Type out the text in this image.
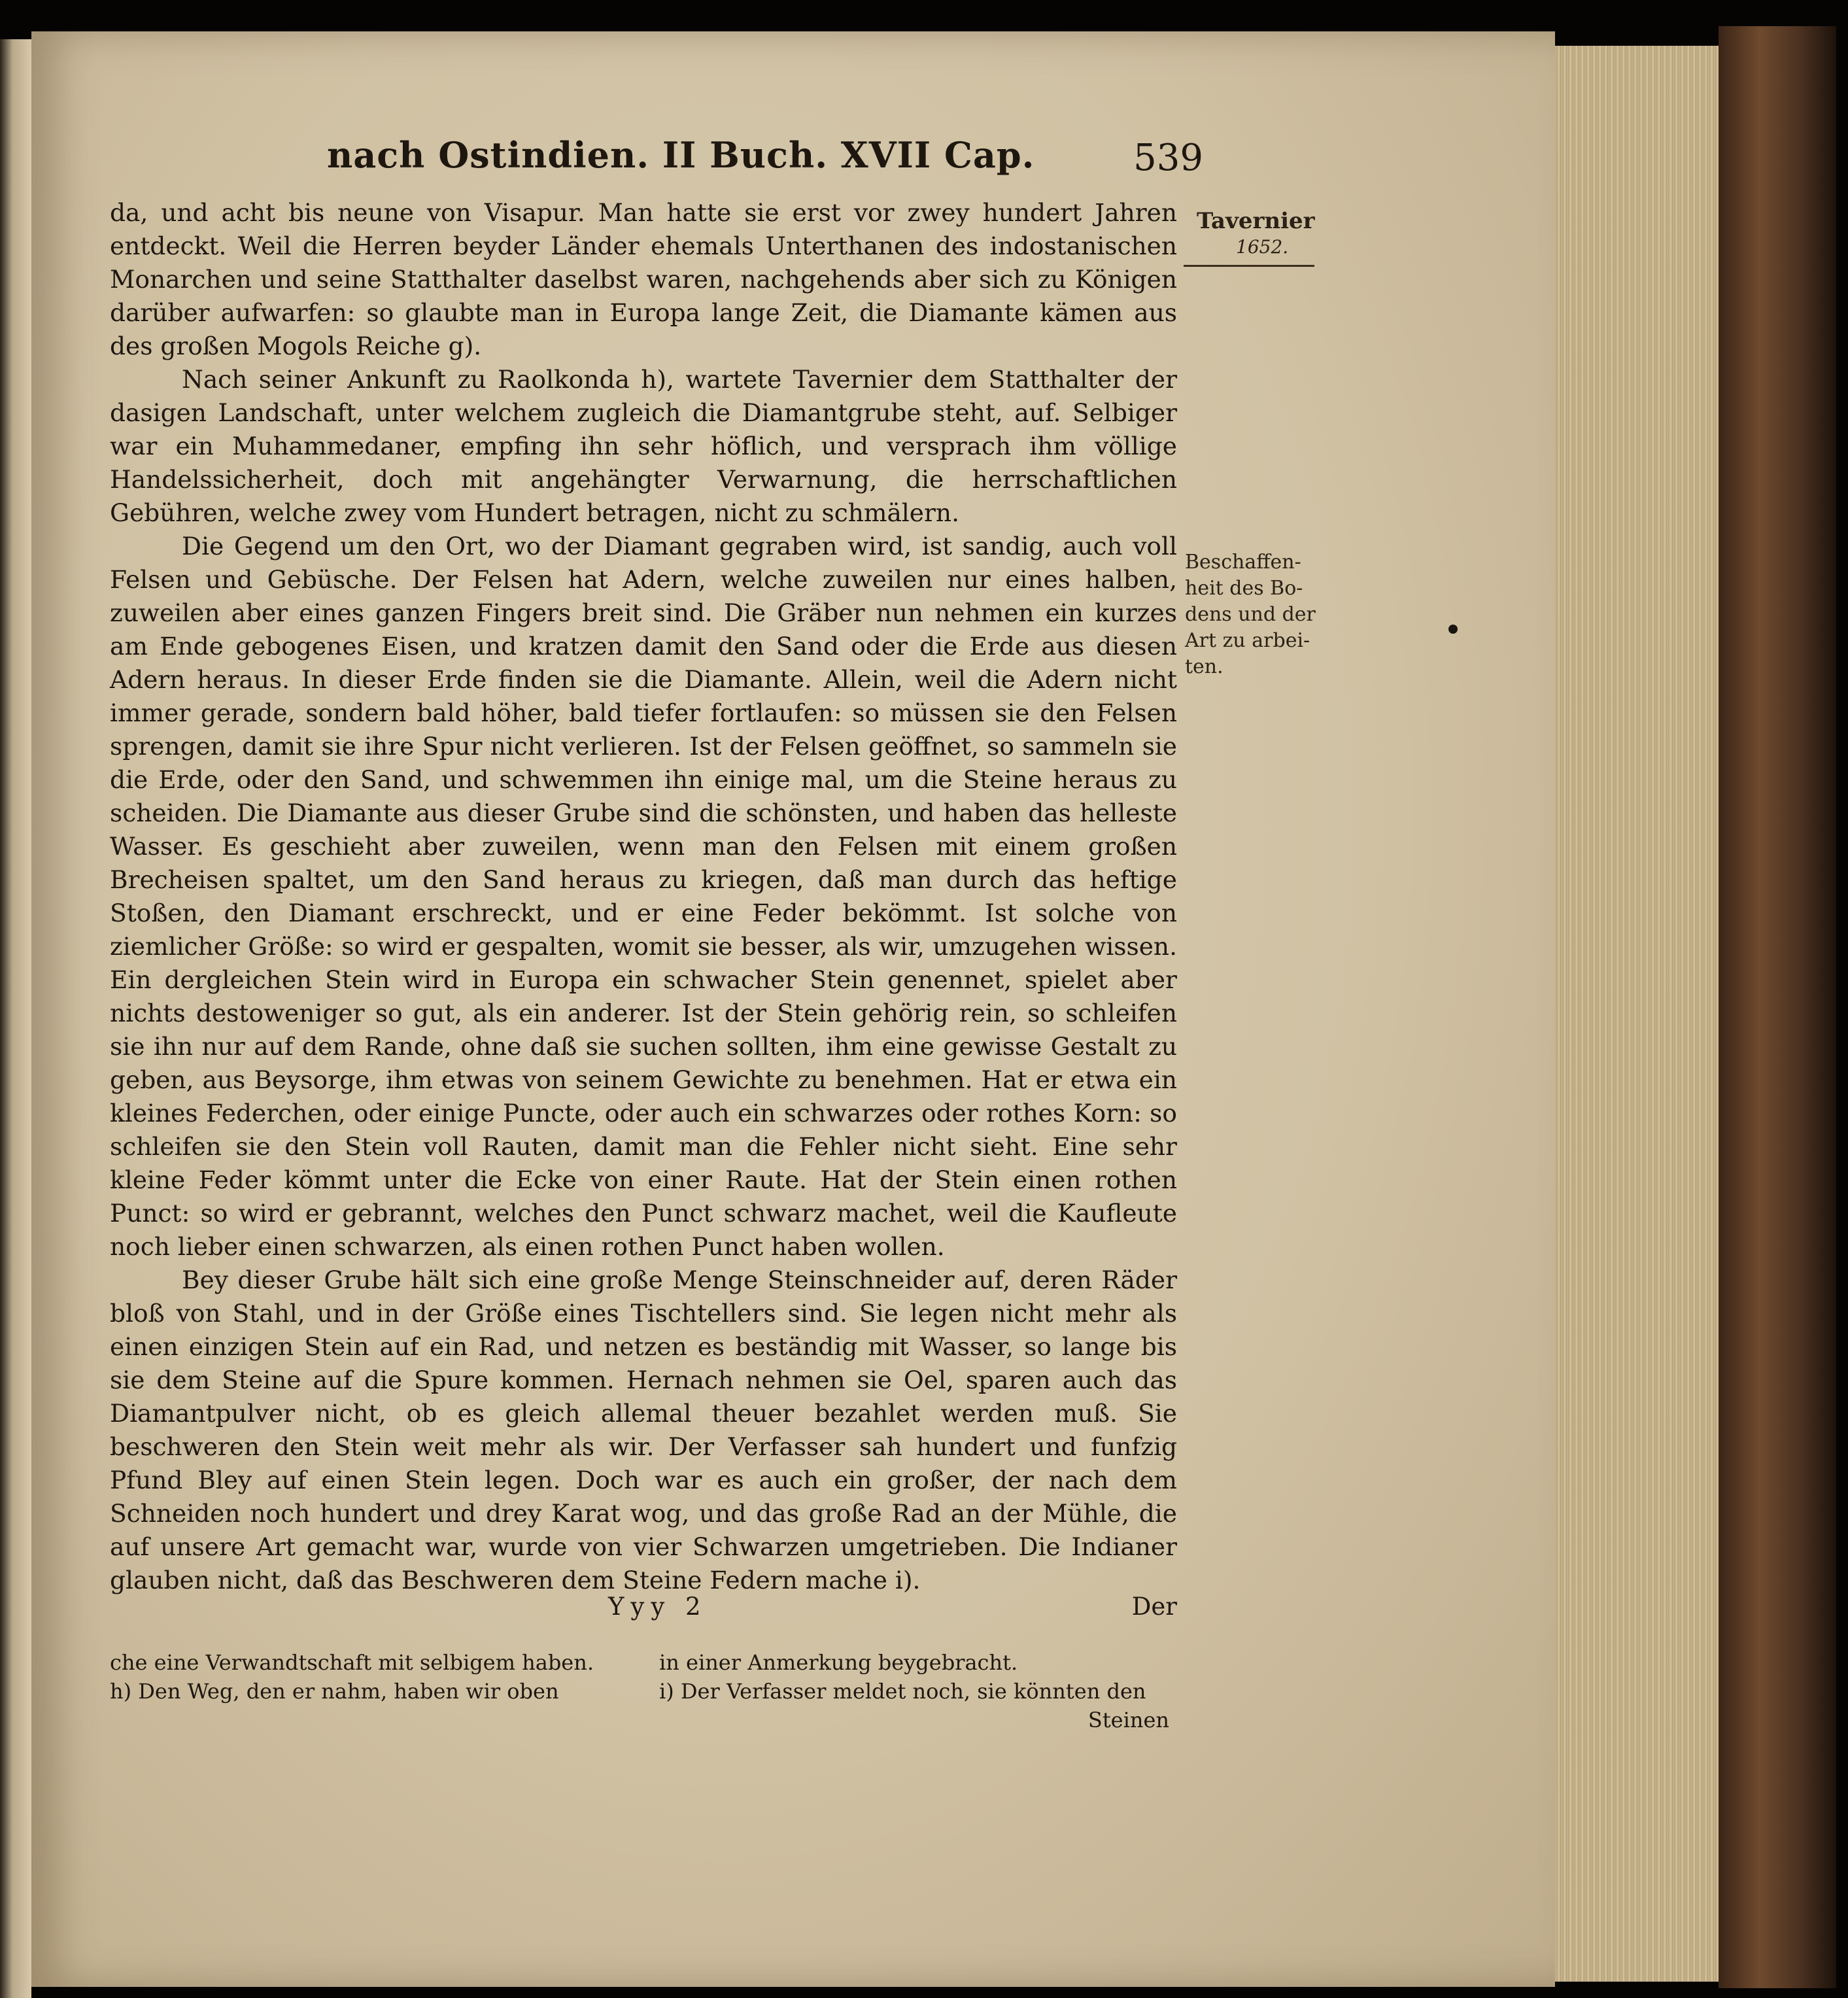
nach Ostindien. II Buch. XVII Cap.	539

da, und acht bis neune von Visapur. Man hatte sie erst vor zwey hundert Jahren entdeckt. Weil die Herren beyder Länder ehemals Unterthanen des indostanischen Monarchen und seine Statthalter daselbst waren, nachgehends aber sich zu Königen darüber aufwarfen: so glaubte man in Europa lange Zeit, die Diamante kämen aus des großen Mogols Reiche g).

Nach seiner Ankunft zu Raolkonda h), wartete Tavernier dem Statthalter der dasigen Landschaft, unter welchem zugleich die Diamantgrube steht, auf. Selbiger war ein Muhammedaner, empfing ihn sehr höflich, und versprach ihm völlige Handelssicherheit, doch mit angehängter Verwarnung, die herrschaftlichen Gebühren, welche zwey vom Hundert betragen, nicht zu schmälern.

Die Gegend um den Ort, wo der Diamant gegraben wird, ist sandig, auch voll Felsen und Gebüsche. Der Felsen hat Adern, welche zuweilen nur eines halben, zuweilen aber eines ganzen Fingers breit sind. Die Gräber nun nehmen ein kurzes am Ende gebogenes Eisen, und kratzen damit den Sand oder die Erde aus diesen Adern heraus. In dieser Erde finden sie die Diamante. Allein, weil die Adern nicht immer gerade, sondern bald höher, bald tiefer fortlaufen: so müssen sie den Felsen sprengen, damit sie ihre Spur nicht verlieren. Ist der Felsen geöffnet, so sammeln sie die Erde, oder den Sand, und schwemmen ihn einige mal, um die Steine heraus zu scheiden. Die Diamante aus dieser Grube sind die schönsten, und haben das helleste Wasser. Es geschieht aber zuweilen, wenn man den Felsen mit einem großen Brecheisen spaltet, um den Sand heraus zu kriegen, daß man durch das heftige Stoßen, den Diamant erschreckt, und er eine Feder bekömmt. Ist solche von ziemlicher Größe: so wird er gespalten, womit sie besser, als wir, umzugehen wissen. Ein dergleichen Stein wird in Europa ein schwacher Stein genennet, spielet aber nichts destoweniger so gut, als ein anderer. Ist der Stein gehörig rein, so schleifen sie ihn nur auf dem Rande, ohne daß sie suchen sollten, ihm eine gewisse Gestalt zu geben, aus Beysorge, ihm etwas von seinem Gewichte zu benehmen. Hat er etwa ein kleines Federchen, oder einige Puncte, oder auch ein schwarzes oder rothes Korn: so schleifen sie den Stein voll Rauten, damit man die Fehler nicht sieht. Eine sehr kleine Feder kömmt unter die Ecke von einer Raute. Hat der Stein einen rothen Punct: so wird er gebrannt, welches den Punct schwarz machet, weil die Kaufleute noch lieber einen schwarzen, als einen rothen Punct haben wollen.

Bey dieser Grube hält sich eine große Menge Steinschneider auf, deren Räder bloß von Stahl, und in der Größe eines Tischtellers sind. Sie legen nicht mehr als einen einzigen Stein auf ein Rad, und netzen es beständig mit Wasser, so lange bis sie dem Steine auf die Spure kommen. Hernach nehmen sie Oel, sparen auch das Diamantpulver nicht, ob es gleich allemal theuer bezahlet werden muß. Sie beschweren den Stein weit mehr als wir. Der Verfasser sah hundert und funfzig Pfund Bley auf einen Stein legen. Doch war es auch ein großer, der nach dem Schneiden noch hundert und drey Karat wog, und das große Rad an der Mühle, die auf unsere Art gemacht war, wurde von vier Schwarzen umgetrieben. Die Indianer glauben nicht, daß das Beschweren dem Steine Federn mache i).

Tavernier
1652.
Beschaffen-
heit des Bo-
dens und der
Art zu arbei-
ten.
Yyy 2	Der
che eine Verwandtschaft mit selbigem haben.
h) Den Weg, den er nahm, haben wir oben
in einer Anmerkung beygebracht.
i) Der Verfasser meldet noch, sie könnten den
Steinen
